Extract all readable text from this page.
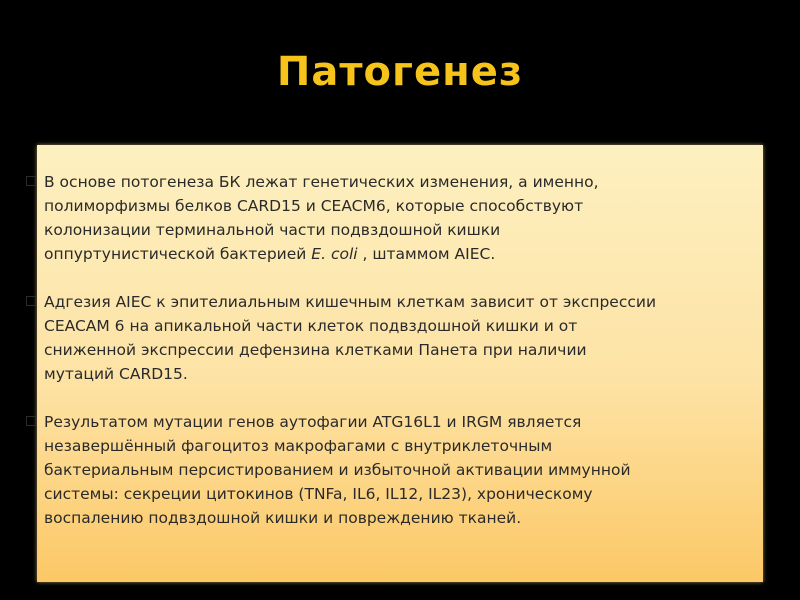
Патогенез
В основе потогенеза БК лежат генетических изменения, а именно,
полиморфизмы белков CARD15 и CEACM6, которые способствуют
колонизации терминальной части подвздошной кишки
оппуртунистической бактерией E. coli , штаммом AIEC.
Адгезия AIEC к эпителиальным кишечным клеткам зависит от экспрессии
CEACAM 6 на апикальной части клеток подвздошной кишки и от
сниженной экспрессии дефензина клетками Панета при наличии
мутаций CARD15.
Результатом мутации генов аутофагии ATG16L1 и IRGM является
незавершённый фагоцитоз макрофагами с внутриклеточным
бактериальным персистированием и избыточной активации иммунной
системы: секреции цитокинов (TNFa, IL6, IL12, IL23), хроническому
воспалению подвздошной кишки и повреждению тканей.
